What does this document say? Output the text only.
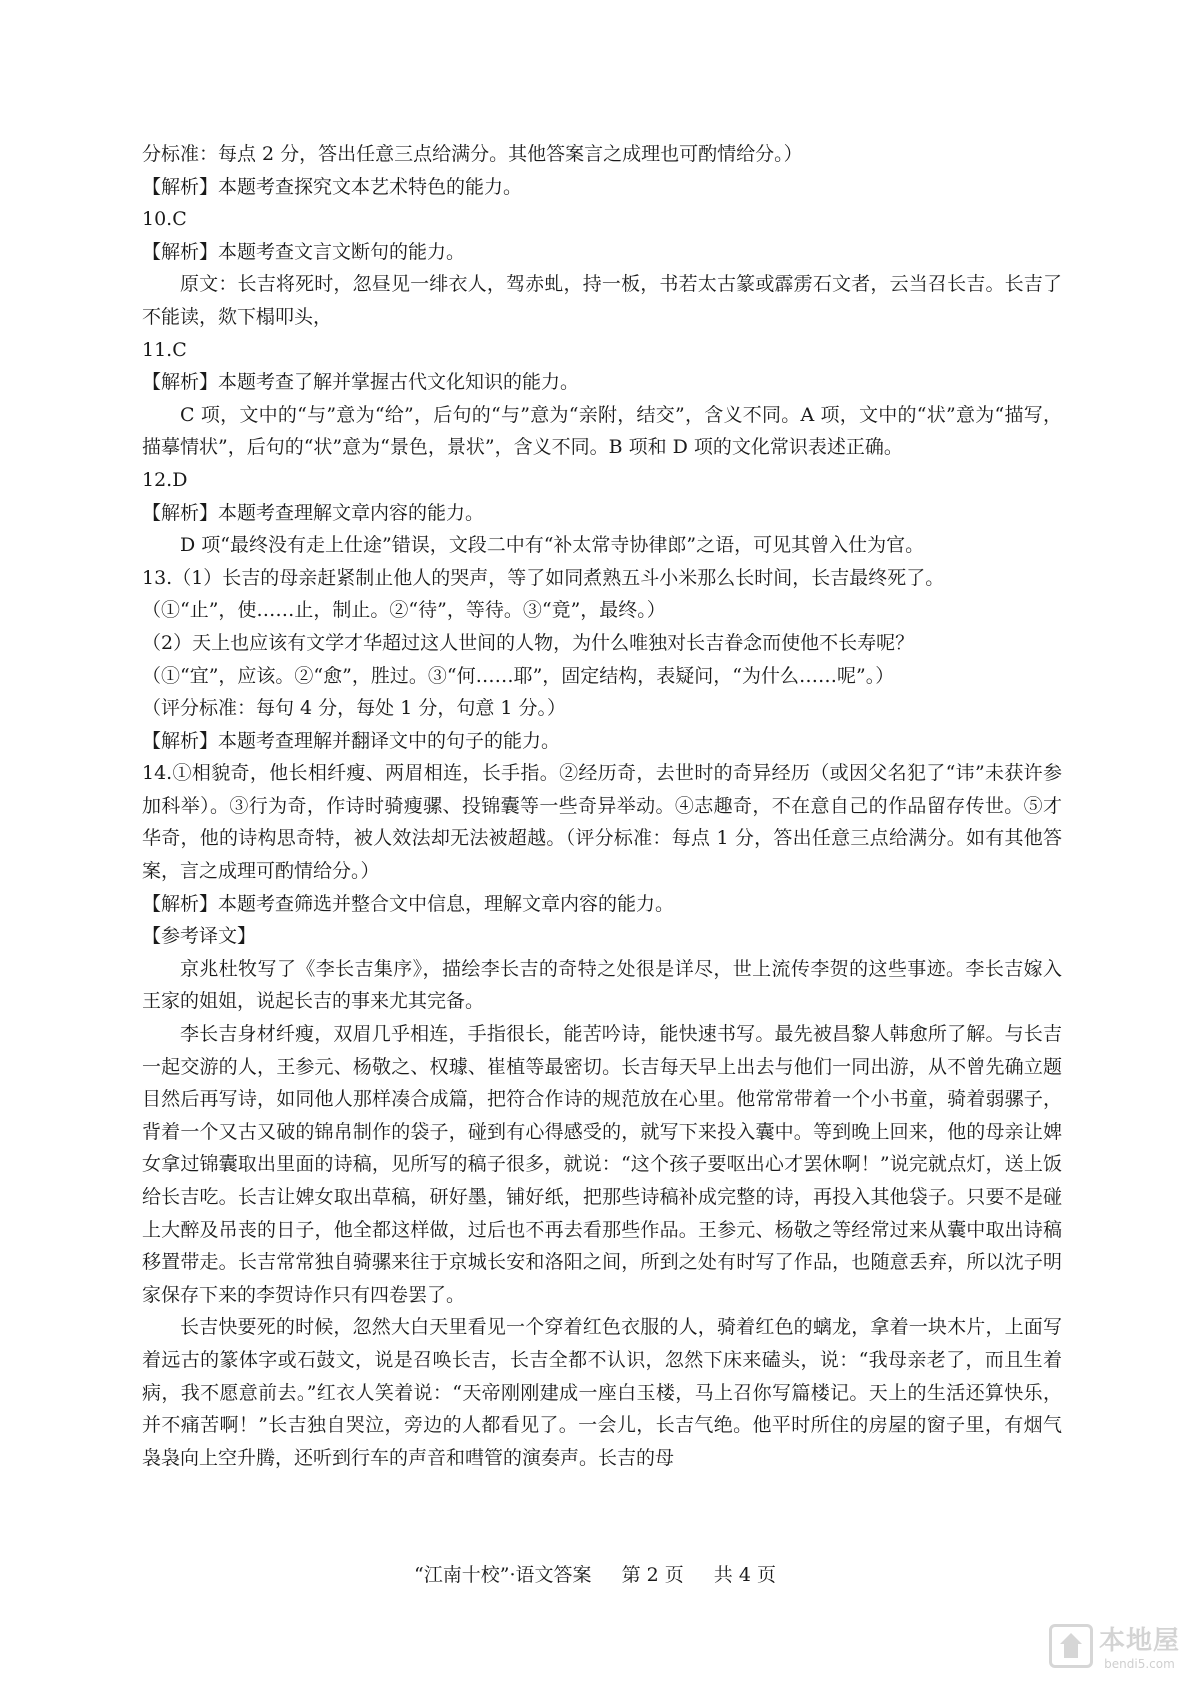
分标准：每点 2 分，答出任意三点给满分。其他答案言之成理也可酌情给分。）

【解析】本题考查探究文本艺术特色的能力。

10.C

【解析】本题考查文言文断句的能力。

原文：长吉将死时，忽昼见一绯衣人，驾赤虬，持一板，书若太古篆或霹雳石文者，云当召长吉。长吉了不能读，欻下榻叩头，

11.C

【解析】本题考查了解并掌握古代文化知识的能力。

C 项，文中的“与”意为“给”，后句的“与”意为“亲附，结交”，含义不同。A 项，文中的“状”意为“描写，描摹情状”，后句的“状”意为“景色，景状”，含义不同。B 项和 D 项的文化常识表述正确。

12.D

【解析】本题考查理解文章内容的能力。

D 项“最终没有走上仕途”错误，文段二中有“补太常寺协律郎”之语，可见其曾入仕为官。

13.（1）长吉的母亲赶紧制止他人的哭声，等了如同煮熟五斗小米那么长时间，长吉最终死了。

（①“止”，使……止，制止。②“待”，等待。③“竟”，最终。）

（2）天上也应该有文学才华超过这人世间的人物，为什么唯独对长吉眷念而使他不长寿呢？

（①“宜”，应该。②“愈”，胜过。③“何……耶”，固定结构，表疑问，“为什么……呢”。）

（评分标准：每句 4 分，每处 1 分，句意 1 分。）

【解析】本题考查理解并翻译文中的句子的能力。

14.①相貌奇，他长相纤瘦、两眉相连，长手指。②经历奇，去世时的奇异经历（或因父名犯了“讳”未获许参加科举）。③行为奇，作诗时骑瘦骡、投锦囊等一些奇异举动。④志趣奇，不在意自己的作品留存传世。⑤才华奇，他的诗构思奇特，被人效法却无法被超越。（评分标准：每点 1 分，答出任意三点给满分。如有其他答案，言之成理可酌情给分。）

【解析】本题考查筛选并整合文中信息，理解文章内容的能力。

【参考译文】

京兆杜牧写了《李长吉集序》，描绘李长吉的奇特之处很是详尽，世上流传李贺的这些事迹。李长吉嫁入王家的姐姐，说起长吉的事来尤其完备。

李长吉身材纤瘦，双眉几乎相连，手指很长，能苦吟诗，能快速书写。最先被昌黎人韩愈所了解。与长吉一起交游的人，王参元、杨敬之、权璩、崔植等最密切。长吉每天早上出去与他们一同出游，从不曾先确立题目然后再写诗，如同他人那样凑合成篇，把符合作诗的规范放在心里。他常常带着一个小书童，骑着弱骡子，背着一个又古又破的锦帛制作的袋子，碰到有心得感受的，就写下来投入囊中。等到晚上回来，他的母亲让婢女拿过锦囊取出里面的诗稿，见所写的稿子很多，就说：“这个孩子要呕出心才罢休啊！”说完就点灯，送上饭给长吉吃。长吉让婢女取出草稿，研好墨，铺好纸，把那些诗稿补成完整的诗，再投入其他袋子。只要不是碰上大醉及吊丧的日子，他全都这样做，过后也不再去看那些作品。王参元、杨敬之等经常过来从囊中取出诗稿移置带走。长吉常常独自骑骡来往于京城长安和洛阳之间，所到之处有时写了作品，也随意丢弃，所以沈子明家保存下来的李贺诗作只有四卷罢了。

长吉快要死的时候，忽然大白天里看见一个穿着红色衣服的人，骑着红色的螭龙，拿着一块木片，上面写着远古的篆体字或石鼓文，说是召唤长吉，长吉全都不认识，忽然下床来磕头，说：“我母亲老了，而且生着病，我不愿意前去。”红衣人笑着说：“天帝刚刚建成一座白玉楼，马上召你写篇楼记。天上的生活还算快乐，并不痛苦啊！”长吉独自哭泣，旁边的人都看见了。一会儿，长吉气绝。他平时所住的房屋的窗子里，有烟气袅袅向上空升腾，还听到行车的声音和嘒管的演奏声。长吉的母

“江南十校”·语文答案 第 2 页 共 4 页
本地屋
bendi5.com
